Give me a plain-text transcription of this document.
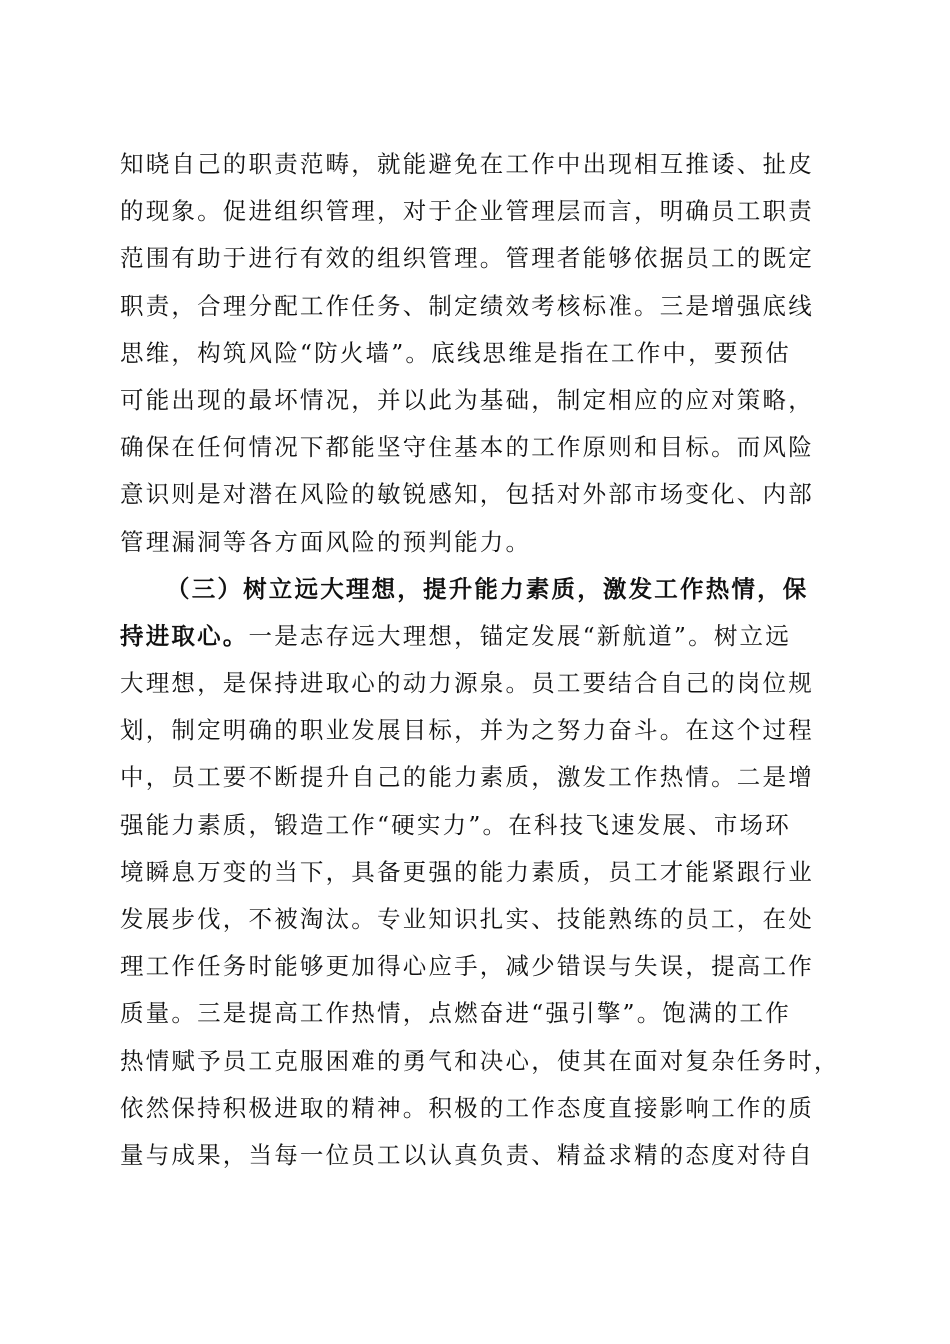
知晓自己的职责范畴，就能避免在工作中出现相互推诿、扯皮
的现象。促进组织管理，对于企业管理层而言，明确员工职责
范围有助于进行有效的组织管理。管理者能够依据员工的既定
职责，合理分配工作任务、制定绩效考核标准。三是增强底线
思维，构筑风险“防火墙”。底线思维是指在工作中，要预估
可能出现的最坏情况，并以此为基础，制定相应的应对策略，
确保在任何情况下都能坚守住基本的工作原则和目标。而风险
意识则是对潜在风险的敏锐感知，包括对外部市场变化、内部
管理漏洞等各方面风险的预判能力。
（三）树立远大理想，提升能力素质，激发工作热情，保
持进取心。一是志存远大理想，锚定发展“新航道”。树立远
大理想，是保持进取心的动力源泉。员工要结合自己的岗位规
划，制定明确的职业发展目标，并为之努力奋斗。在这个过程
中，员工要不断提升自己的能力素质，激发工作热情。二是增
强能力素质，锻造工作“硬实力”。在科技飞速发展、市场环
境瞬息万变的当下，具备更强的能力素质，员工才能紧跟行业
发展步伐，不被淘汰。专业知识扎实、技能熟练的员工，在处
理工作任务时能够更加得心应手，减少错误与失误，提高工作
质量。三是提高工作热情，点燃奋进“强引擎”。饱满的工作
热情赋予员工克服困难的勇气和决心，使其在面对复杂任务时，
依然保持积极进取的精神。积极的工作态度直接影响工作的质
量与成果，当每一位员工以认真负责、精益求精的态度对待自
